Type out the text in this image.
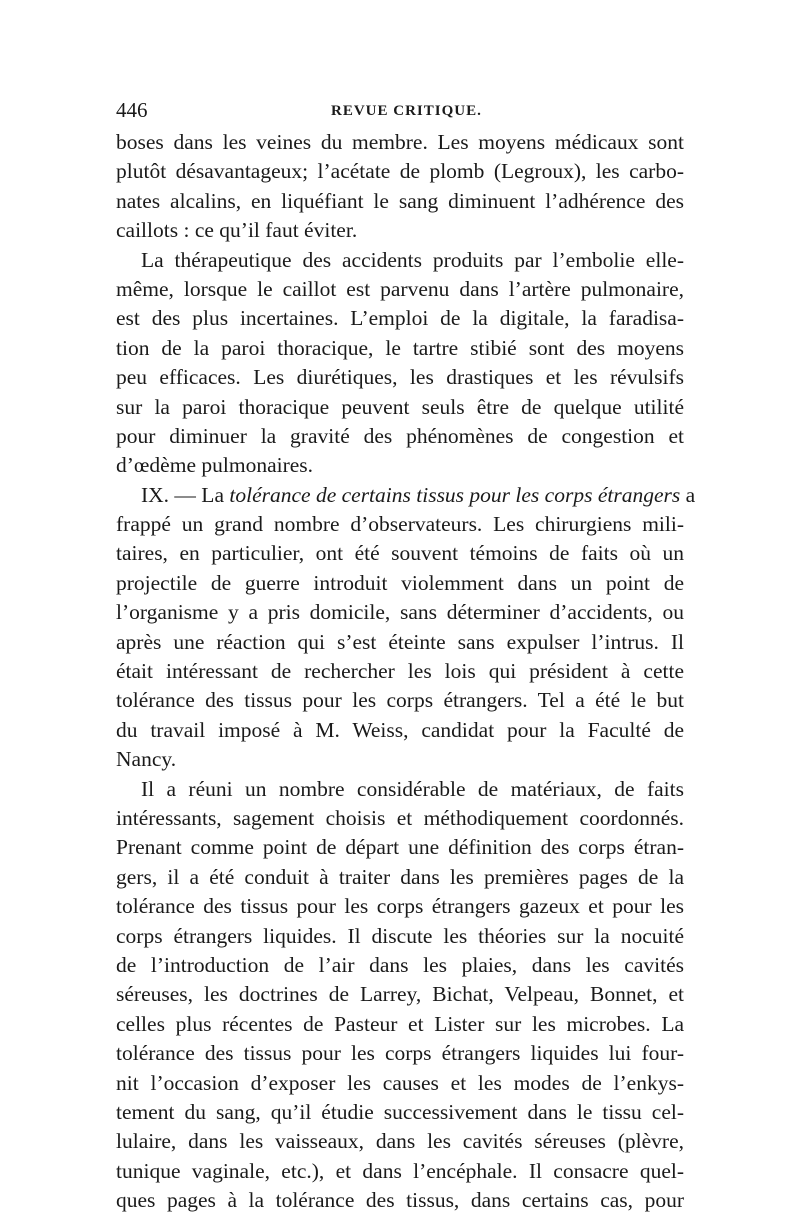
446	REVUE CRITIQUE.
boses dans les veines du membre. Les moyens médicaux sont
plutôt désavantageux; l’acétate de plomb (Legroux), les carbo-
nates alcalins, en liquéfiant le sang diminuent l’adhérence des
caillots : ce qu’il faut éviter.
La thérapeutique des accidents produits par l’embolie elle-
même, lorsque le caillot est parvenu dans l’artère pulmonaire,
est des plus incertaines. L’emploi de la digitale, la faradisa-
tion de la paroi thoracique, le tartre stibié sont des moyens
peu efficaces. Les diurétiques, les drastiques et les révulsifs
sur la paroi thoracique peuvent seuls être de quelque utilité
pour diminuer la gravité des phénomènes de congestion et
d’œdème pulmonaires.
IX. — La tolérance de certains tissus pour les corps étrangers a
frappé un grand nombre d’observateurs. Les chirurgiens mili-
taires, en particulier, ont été souvent témoins de faits où un
projectile de guerre introduit violemment dans un point de
l’organisme y a pris domicile, sans déterminer d’accidents, ou
après une réaction qui s’est éteinte sans expulser l’intrus. Il
était intéressant de rechercher les lois qui président à cette
tolérance des tissus pour les corps étrangers. Tel a été le but
du travail imposé à M. Weiss, candidat pour la Faculté de
Nancy.
Il a réuni un nombre considérable de matériaux, de faits
intéressants, sagement choisis et méthodiquement coordonnés.
Prenant comme point de départ une définition des corps étran-
gers, il a été conduit à traiter dans les premières pages de la
tolérance des tissus pour les corps étrangers gazeux et pour les
corps étrangers liquides. Il discute les théories sur la nocuité
de l’introduction de l’air dans les plaies, dans les cavités
séreuses, les doctrines de Larrey, Bichat, Velpeau, Bonnet, et
celles plus récentes de Pasteur et Lister sur les microbes. La
tolérance des tissus pour les corps étrangers liquides lui four-
nit l’occasion d’exposer les causes et les modes de l’enkys-
tement du sang, qu’il étudie successivement dans le tissu cel-
lulaire, dans les vaisseaux, dans les cavités séreuses (plèvre,
tunique vaginale, etc.), et dans l’encéphale. Il consacre quel-
ques pages à la tolérance des tissus, dans certains cas, pour
